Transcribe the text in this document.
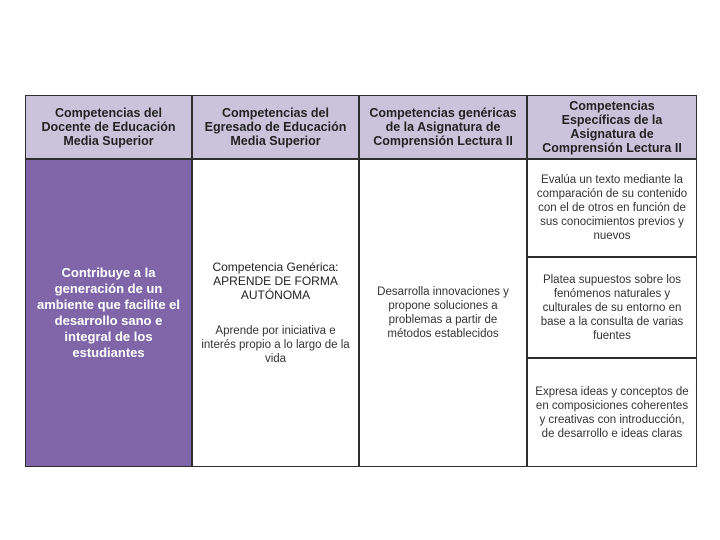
Competencias del Docente de Educación Media Superior
Competencias del Egresado de Educación Media Superior
Competencias genéricas de la Asignatura de Comprensión Lectura II
Competencias Específicas de la Asignatura de Comprensión Lectura II
Contribuye a la generación de un ambiente que facilite el desarrollo sano e integral de los estudiantes
Competencia Genérica: APRENDE DE FORMA AUTÓNOMA
Aprende por iniciativa e interés propio a lo largo de la vida
Desarrolla innovaciones y propone soluciones a problemas a partir de métodos establecidos
Evalúa un texto mediante la comparación de su contenido con el de otros en función de sus conocimientos previos y nuevos
Platea supuestos sobre los fenómenos naturales y culturales de su entorno en base a la consulta de varias fuentes
Expresa ideas y conceptos de en composiciones coherentes y creativas con introducción, de desarrollo e ideas claras
